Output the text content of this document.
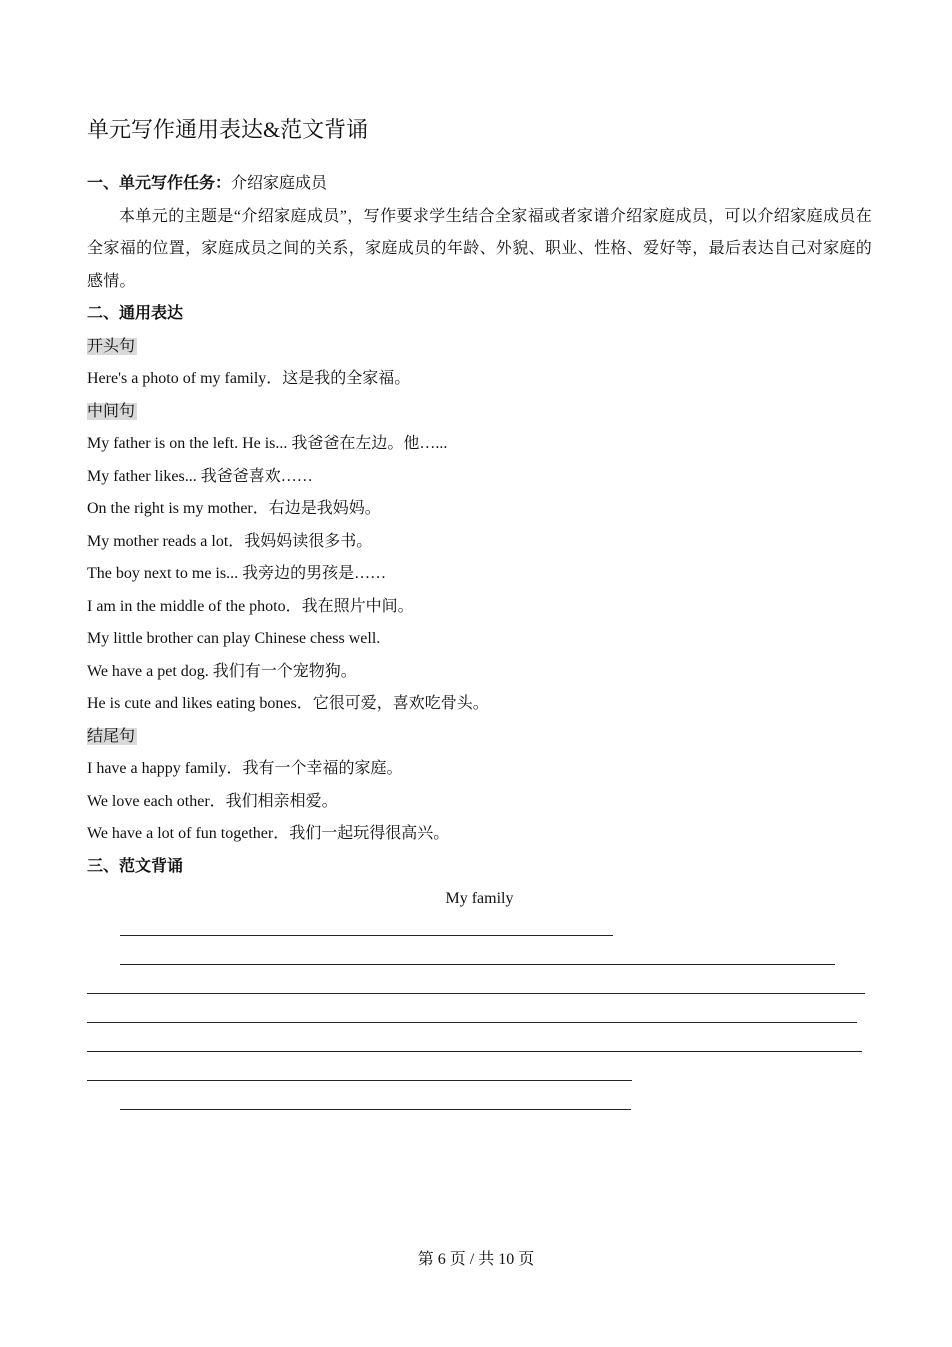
单元写作通用表达&范文背诵
一、单元写作任务：介绍家庭成员
本单元的主题是“介绍家庭成员”，写作要求学生结合全家福或者家谱介绍家庭成员，可以介绍家庭成员在全家福的位置，家庭成员之间的关系，家庭成员的年龄、外貌、职业、性格、爱好等，最后表达自己对家庭的感情。
二、通用表达
开头句
Here's a photo of my family．这是我的全家福。
中间句
My father is on the left. He is... 我爸爸在左边。他…...
My father likes... 我爸爸喜欢……
On the right is my mother．右边是我妈妈。
My mother reads a lot．我妈妈读很多书。
The boy next to me is... 我旁边的男孩是……
I am in the middle of the photo．我在照片中间。
My little brother can play Chinese chess well.
We have a pet dog. 我们有一个宠物狗。
He is cute and likes eating bones．它很可爱，喜欢吃骨头。
结尾句
I have a happy family．我有一个幸福的家庭。
We love each other．我们相亲相爱。
We have a lot of fun together．我们一起玩得很高兴。
三、范文背诵
My family
第 6 页 / 共 10 页
